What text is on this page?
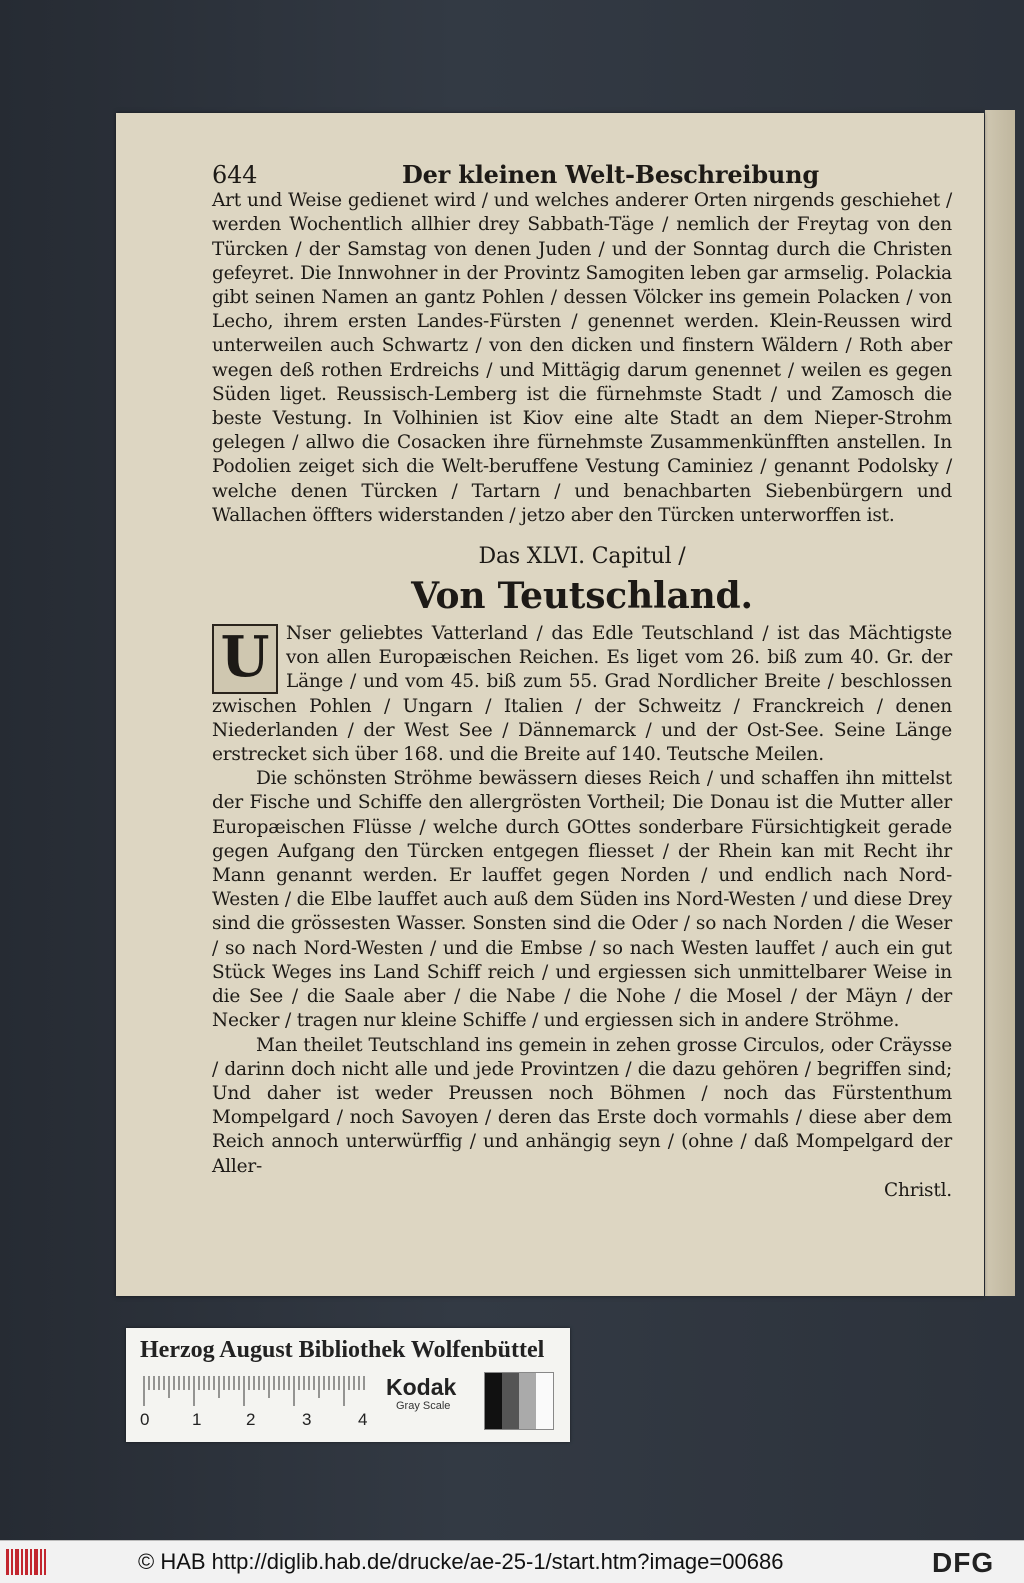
644	Der kleinen Welt-Beschreibung

Art und Weise gedienet wird / und welches anderer Orten nirgends geschiehet / werden Wochentlich allhier drey Sabbath-Täge / nemlich der Freytag von den Türcken / der Samstag von denen Juden / und der Sonntag durch die Christen gefeyret. Die Innwohner in der Provintz Samogiten leben gar armselig. Polackia gibt seinen Namen an gantz Pohlen / dessen Völcker ins gemein Polacken / von Lecho, ihrem ersten Landes-Fürsten / genennet werden. Klein-Reussen wird unterweilen auch Schwartz / von den dicken und finstern Wäldern / Roth aber wegen deß rothen Erdreichs / und Mittägig darum genennet / weilen es gegen Süden liget. Reussisch-Lemberg ist die fürnehmste Stadt / und Zamosch die beste Vestung. In Volhinien ist Kiov eine alte Stadt an dem Nieper-Strohm gelegen / allwo die Cosacken ihre fürnehmste Zusammenkünfften anstellen. In Podolien zeiget sich die Welt-beruffene Vestung Caminiez / genannt Podolsky / welche denen Türcken / Tartarn / und benachbarten Siebenbürgern und Wallachen öffters widerstanden / jetzo aber den Türcken unterworffen ist.

Das XLVI. Capitul /
Von Teutschland.

U Nser geliebtes Vatterland / das Edle Teutschland / ist das Mächtigste von allen Europæischen Reichen. Es liget vom 26. biß zum 40. Gr. der Länge / und vom 45. biß zum 55. Grad Nordlicher Breite / beschlossen zwischen Pohlen / Ungarn / Italien / der Schweitz / Franckreich / denen Niederlanden / der West See / Dännemarck / und der Ost-See. Seine Länge erstrecket sich über 168. und die Breite auf 140. Teutsche Meilen.

Die schönsten Ströhme bewässern dieses Reich / und schaffen ihn mittelst der Fische und Schiffe den allergrösten Vortheil; Die Donau ist die Mutter aller Europæischen Flüsse / welche durch GOttes sonderbare Fürsichtigkeit gerade gegen Aufgang den Türcken entgegen fliesset / der Rhein kan mit Recht ihr Mann genannt werden. Er lauffet gegen Norden / und endlich nach Nord-Westen / die Elbe lauffet auch auß dem Süden ins Nord-Westen / und diese Drey sind die grössesten Wasser. Sonsten sind die Oder / so nach Norden / die Weser / so nach Nord-Westen / und die Embse / so nach Westen lauffet / auch ein gut Stück Weges ins Land Schiff reich / und ergiessen sich unmittelbarer Weise in die See / die Saale aber / die Nabe / die Nohe / die Mosel / der Mäyn / der Necker / tragen nur kleine Schiffe / und ergiessen sich in andere Ströhme.

Man theilet Teutschland ins gemein in zehen grosse Circulos, oder Cräysse / darinn doch nicht alle und jede Provintzen / die dazu gehören / begriffen sind; Und daher ist weder Preussen noch Böhmen / noch das Fürstenthum Mompelgard / noch Savoyen / deren das Erste doch vormahls / diese aber dem Reich annoch unterwürffig / und anhängig seyn / (ohne / daß Mompelgard der Aller-

Christl.
Herzog August Bibliothek Wolfenbüttel
0	1	2	3	4
Kodak
Gray Scale
© HAB http://diglib.hab.de/drucke/ae-25-1/start.htm?image=00686	DFG
